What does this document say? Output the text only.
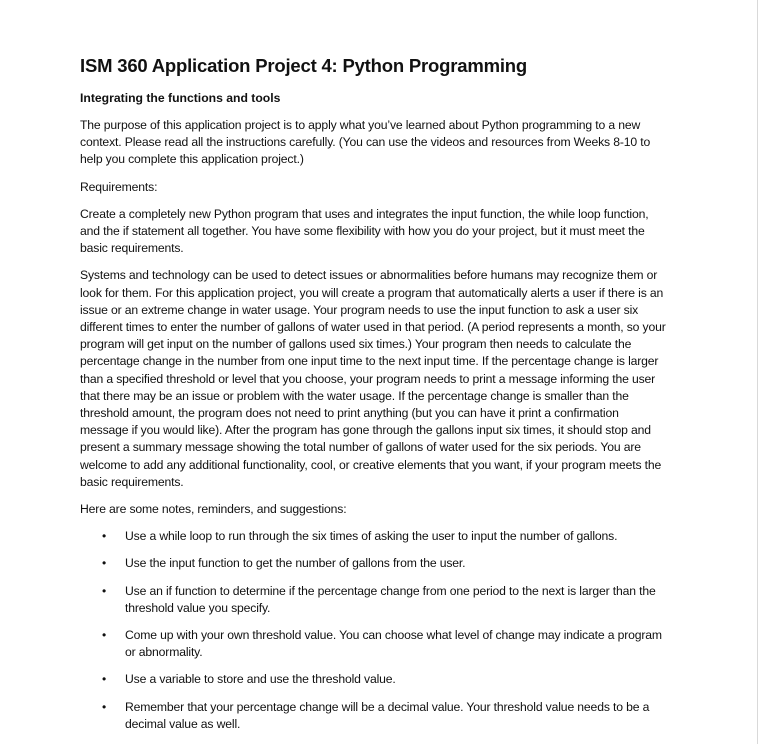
ISM 360 Application Project 4: Python Programming
Integrating the functions and tools

The purpose of this application project is to apply what you’ve learned about Python programming to a new context. Please read all the instructions carefully. (You can use the videos and resources from Weeks 8-10 to help you complete this application project.)

Requirements:

Create a completely new Python program that uses and integrates the input function, the while loop function, and the if statement all together. You have some flexibility with how you do your project, but it must meet the basic requirements.

Systems and technology can be used to detect issues or abnormalities before humans may recognize them or look for them. For this application project, you will create a program that automatically alerts a user if there is an issue or an extreme change in water usage. Your program needs to use the input function to ask a user six different times to enter the number of gallons of water used in that period. (A period represents a month, so your program will get input on the number of gallons used six times.) Your program then needs to calculate the percentage change in the number from one input time to the next input time. If the percentage change is larger than a specified threshold or level that you choose, your program needs to print a message informing the user that there may be an issue or problem with the water usage. If the percentage change is smaller than the threshold amount, the program does not need to print anything (but you can have it print a confirmation message if you would like). After the program has gone through the gallons input six times, it should stop and present a summary message showing the total number of gallons of water used for the six periods. You are welcome to add any additional functionality, cool, or creative elements that you want, if your program meets the basic requirements.

Here are some notes, reminders, and suggestions:

• Use a while loop to run through the six times of asking the user to input the number of gallons.
• Use the input function to get the number of gallons from the user.
• Use an if function to determine if the percentage change from one period to the next is larger than the threshold value you specify.
• Come up with your own threshold value. You can choose what level of change may indicate a program or abnormality.
• Use a variable to store and use the threshold value.
• Remember that your percentage change will be a decimal value. Your threshold value needs to be a decimal value as well.
